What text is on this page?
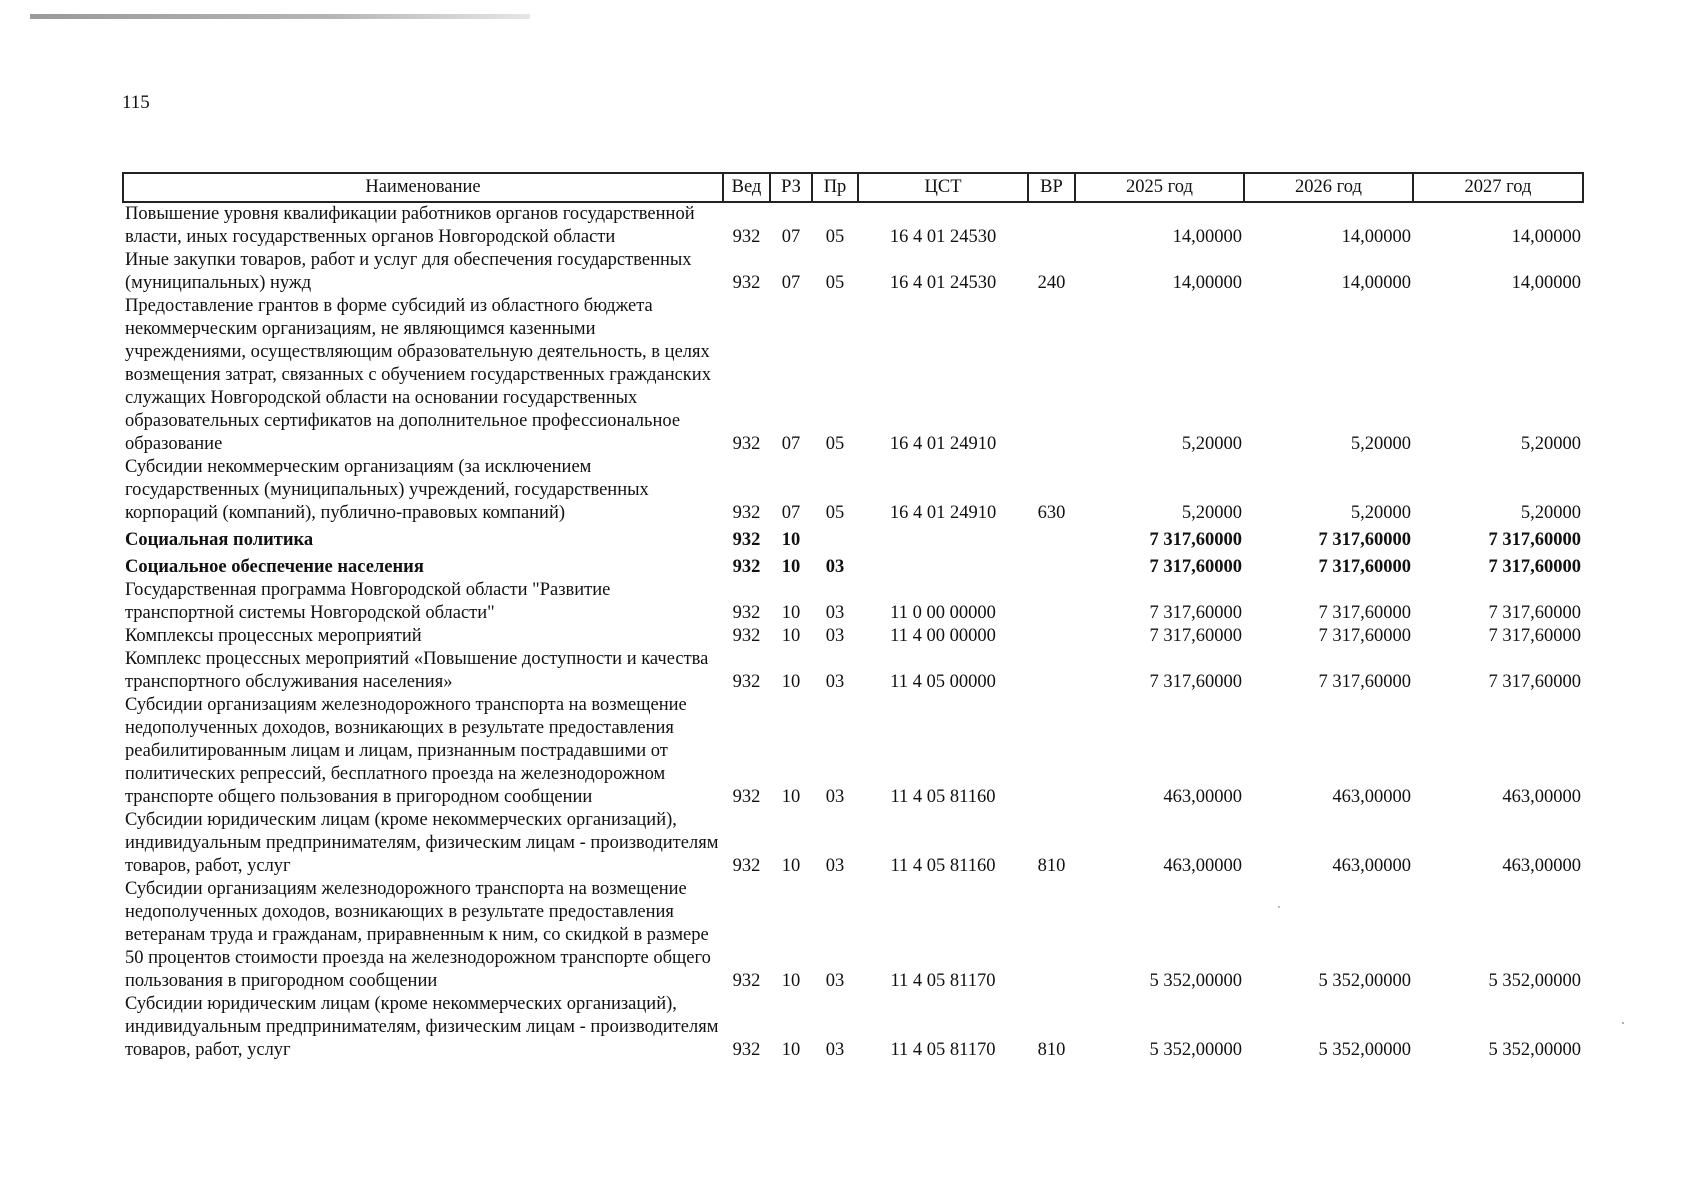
115
Наименование	Вед	РЗ	Пр	ЦСТ	ВР	2025 год	2026 год	2027 год
Повышение уровня квалификации работников органов государственной власти, иных государственных органов Новгородской области	932	07	05	16 4 01 24530		14,00000	14,00000	14,00000
Иные закупки товаров, работ и услуг для обеспечения государственных (муниципальных) нужд	932	07	05	16 4 01 24530	240	14,00000	14,00000	14,00000
Предоставление грантов в форме субсидий из областного бюджета некоммерческим организациям, не являющимся казенными учреждениями, осуществляющим образовательную деятельность, в целях возмещения затрат, связанных с обучением государственных гражданских служащих Новгородской области на основании государственных образовательных сертификатов на дополнительное профессиональное образование	932	07	05	16 4 01 24910		5,20000	5,20000	5,20000
Субсидии некоммерческим организациям (за исключением государственных (муниципальных) учреждений, государственных корпораций (компаний), публично-правовых компаний)	932	07	05	16 4 01 24910	630	5,20000	5,20000	5,20000
Социальная политика	932	10				7 317,60000	7 317,60000	7 317,60000
Социальное обеспечение населения	932	10	03			7 317,60000	7 317,60000	7 317,60000
Государственная программа Новгородской области "Развитие транспортной системы Новгородской области"	932	10	03	11 0 00 00000		7 317,60000	7 317,60000	7 317,60000
Комплексы процессных мероприятий	932	10	03	11 4 00 00000		7 317,60000	7 317,60000	7 317,60000
Комплекс процессных мероприятий «Повышение доступности и качества транспортного обслуживания населения»	932	10	03	11 4 05 00000		7 317,60000	7 317,60000	7 317,60000
Субсидии организациям железнодорожного транспорта на возмещение недополученных доходов, возникающих в результате предоставления реабилитированным лицам и лицам, признанным пострадавшими от политических репрессий, бесплатного проезда на железнодорожном транспорте общего пользования в пригородном сообщении	932	10	03	11 4 05 81160		463,00000	463,00000	463,00000
Субсидии юридическим лицам (кроме некоммерческих организаций), индивидуальным предпринимателям, физическим лицам - производителям товаров, работ, услуг	932	10	03	11 4 05 81160	810	463,00000	463,00000	463,00000
Субсидии организациям железнодорожного транспорта на возмещение недополученных доходов, возникающих в результате предоставления ветеранам труда и гражданам, приравненным к ним, со скидкой в размере 50 процентов стоимости проезда на железнодорожном транспорте общего пользования в пригородном сообщении	932	10	03	11 4 05 81170		5 352,00000	5 352,00000	5 352,00000
Субсидии юридическим лицам (кроме некоммерческих организаций), индивидуальным предпринимателям, физическим лицам - производителям товаров, работ, услуг	932	10	03	11 4 05 81170	810	5 352,00000	5 352,00000	5 352,00000
